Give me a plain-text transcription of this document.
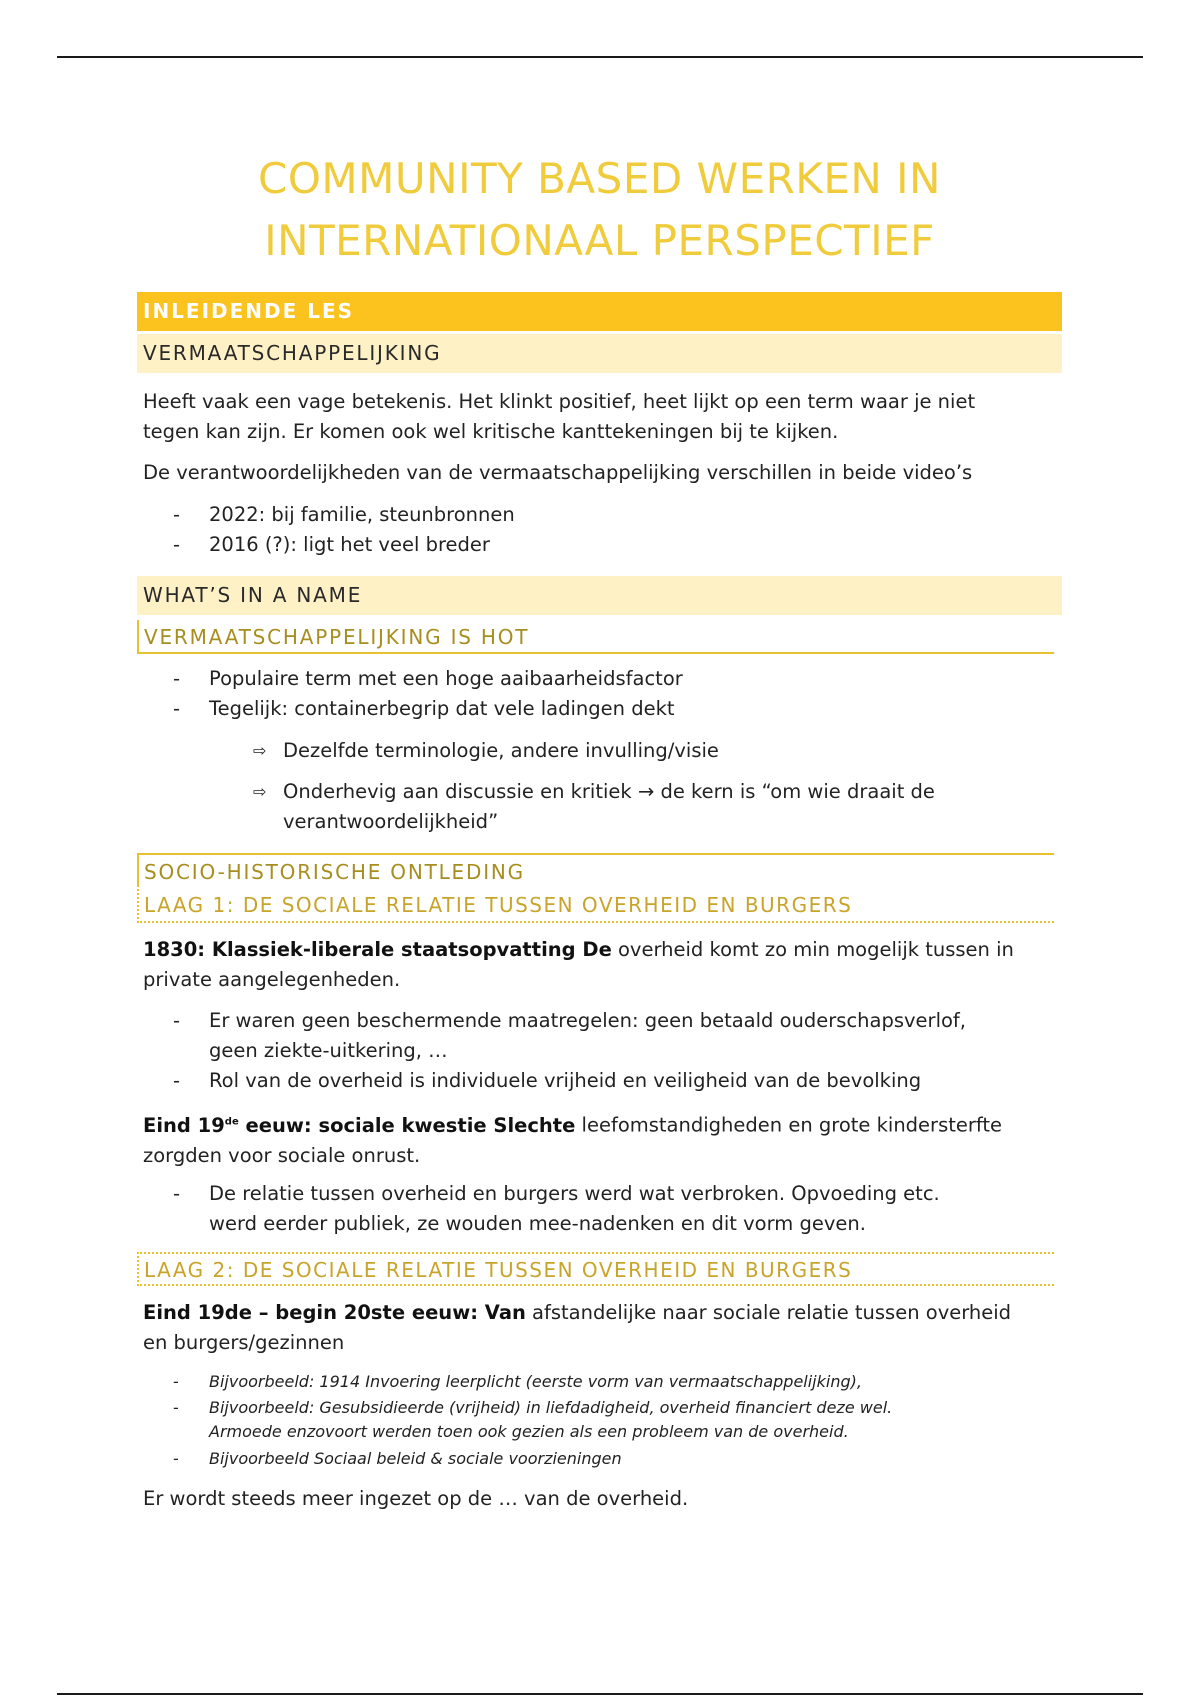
COMMUNITY BASED WERKEN IN
INTERNATIONAAL PERSPECTIEF
INLEIDENDE LES
VERMAATSCHAPPELIJKING

Heeft vaak een vage betekenis. Het klinkt positief, heet lijkt op een term waar je niet
tegen kan zijn. Er komen ook wel kritische kanttekeningen bij te kijken.

De verantwoordelijkheden van de vermaatschappelijking verschillen in beide video’s

-	2022: bij familie, steunbronnen
-	2016 (?): ligt het veel breder
WHAT’S IN A NAME
VERMAATSCHAPPELIJKING IS HOT
-	Populaire term met een hoge aaibaarheidsfactor
-	Tegelijk: containerbegrip dat vele ladingen dekt
⇨ Dezelfde terminologie, andere invulling/visie
⇨ Onderhevig aan discussie en kritiek → de kern is “om wie draait de
verantwoordelijkheid”
SOCIO-HISTORISCHE ONTLEDING
LAAG 1: DE SOCIALE RELATIE TUSSEN OVERHEID EN BURGERS

1830: Klassiek-liberale staatsopvatting De overheid komt zo min mogelijk tussen in
private aangelegenheden.

-	Er waren geen beschermende maatregelen: geen betaald ouderschapsverlof,
geen ziekte-uitkering, …
-	Rol van de overheid is individuele vrijheid en veiligheid van de bevolking

Eind 19de eeuw: sociale kwestie Slechte leefomstandigheden en grote kindersterfte
zorgden voor sociale onrust.

-	De relatie tussen overheid en burgers werd wat verbroken. Opvoeding etc.
werd eerder publiek, ze wouden mee-nadenken en dit vorm geven.
LAAG 2: DE SOCIALE RELATIE TUSSEN OVERHEID EN BURGERS

Eind 19de – begin 20ste eeuw: Van afstandelijke naar sociale relatie tussen overheid
en burgers/gezinnen

- Bijvoorbeeld: 1914 Invoering leerplicht (eerste vorm van vermaatschappelijking),
- Bijvoorbeeld: Gesubsidieerde (vrijheid) in liefdadigheid, overheid financiert deze wel.
Armoede enzovoort werden toen ook gezien als een probleem van de overheid.
- Bijvoorbeeld Sociaal beleid & sociale voorzieningen

Er wordt steeds meer ingezet op de … van de overheid.
